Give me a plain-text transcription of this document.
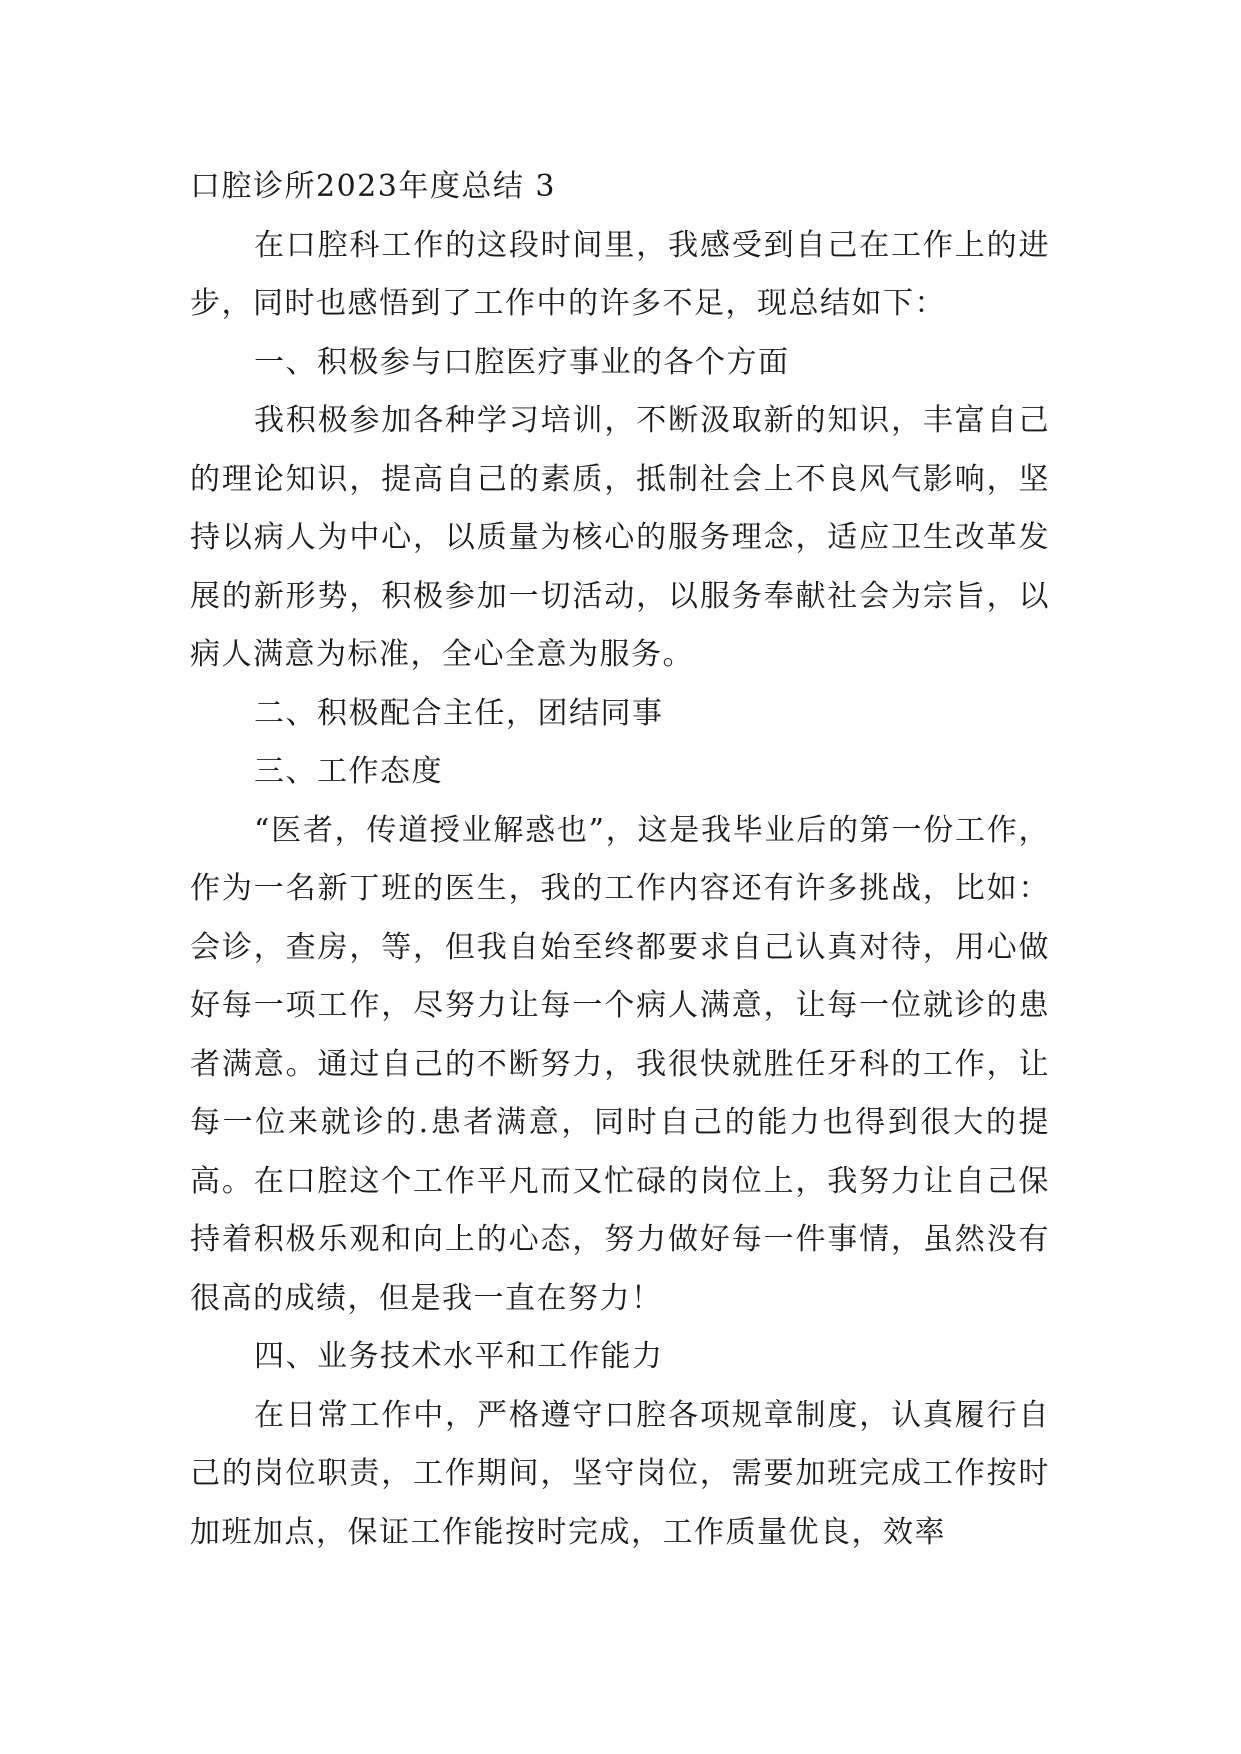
口腔诊所2023年度总结 3

在口腔科工作的这段时间里，我感受到自己在工作上的进步，同时也感悟到了工作中的许多不足，现总结如下：

一、积极参与口腔医疗事业的各个方面

我积极参加各种学习培训，不断汲取新的知识，丰富自己的理论知识，提高自己的素质，抵制社会上不良风气影响，坚持以病人为中心，以质量为核心的服务理念，适应卫生改革发展的新形势，积极参加一切活动，以服务奉献社会为宗旨，以病人满意为标准，全心全意为服务。

二、积极配合主任，团结同事

三、工作态度

“医者，传道授业解惑也”，这是我毕业后的第一份工作，作为一名新丁班的医生，我的工作内容还有许多挑战，比如：会诊，查房，等，但我自始至终都要求自己认真对待，用心做好每一项工作，尽努力让每一个病人满意，让每一位就诊的患者满意。通过自己的不断努力，我很快就胜任牙科的工作，让每一位来就诊的.患者满意，同时自己的能力也得到很大的提高。在口腔这个工作平凡而又忙碌的岗位上，我努力让自己保持着积极乐观和向上的心态，努力做好每一件事情，虽然没有很高的成绩，但是我一直在努力！

四、业务技术水平和工作能力

在日常工作中，严格遵守口腔各项规章制度，认真履行自己的岗位职责，工作期间，坚守岗位，需要加班完成工作按时加班加点，保证工作能按时完成，工作质量优良，效率
